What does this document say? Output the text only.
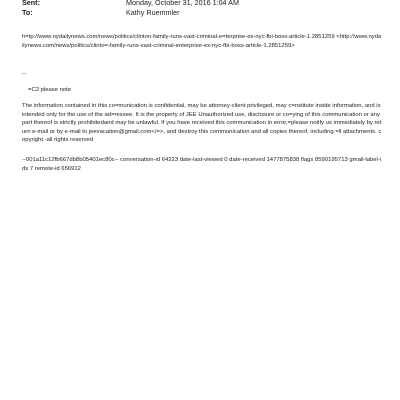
Sent:	Monday, October 31, 2016 1:04 AM
To:	Kathy Ruemmler
h=tp://www.nydailynews.com/news/politics/clinton-family-runs-vast-criminal-e=terprise-ex-nyc-fbi-boss-article-1.2851259 <http://www.nydailynews.com/news/politics/clinto=-family-runs-vast-criminal-enterprise-ex-nyc-fbi-boss-article-1.2851259>
--
=C2 please note
The information contained in this co=munication is confidential, may be attorney-client privileged, may c=nstitute inside information, and is intended only for the use of the ad=ressee. It is the property of JEE Unauthorized use, disclosure or co=ying of this communication or any part thereof is strictly prohibitedand may be unlawful. If you have received this communication in error,=please notify us immediately by return e-mail or by e-mail to jeevacation@gmail.com</=>, and destroy this communication and all copies thereof, including =ll attachments. copyright -all rights reserved
--001a11c12fb667db8b05401ec80c-- conversation-id 64223 date-last-viewed 0 date-received 1477875838 flags 8590195713 gmail-label-ids 7 remote-id 656912
